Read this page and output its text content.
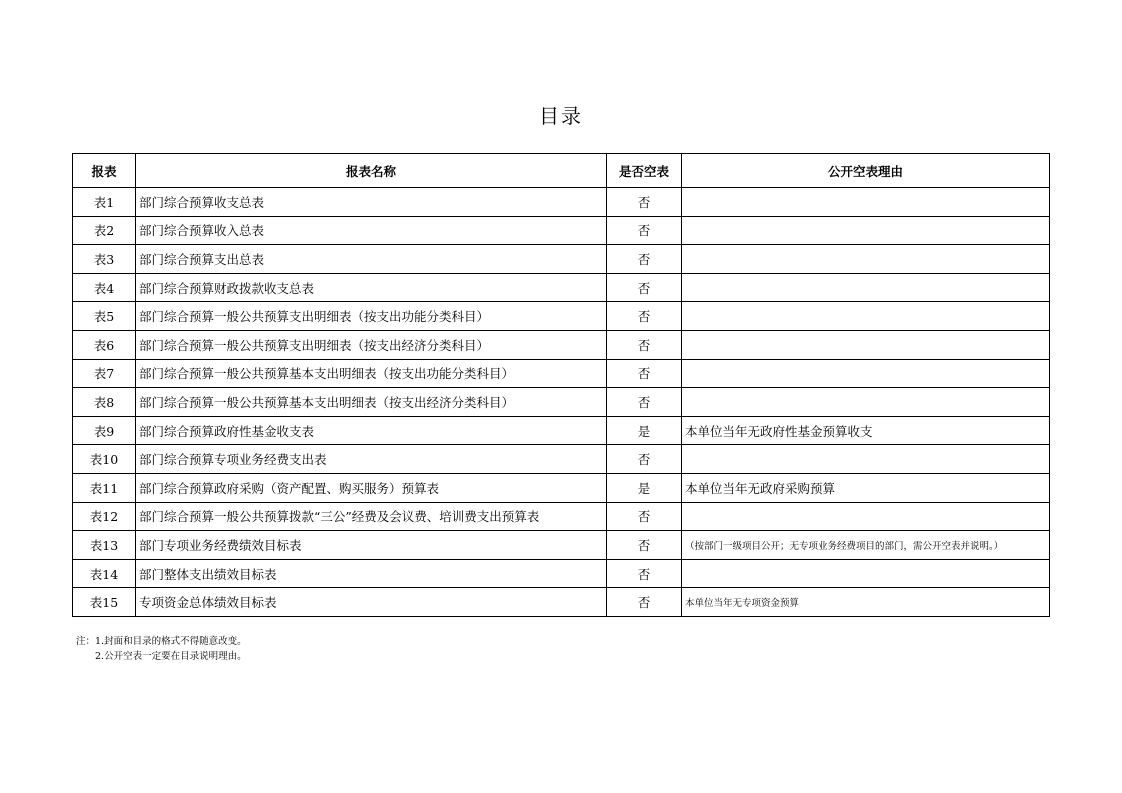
目录
报表	报表名称	是否空表	公开空表理由
表1	部门综合预算收支总表	否	
表2	部门综合预算收入总表	否	
表3	部门综合预算支出总表	否	
表4	部门综合预算财政拨款收支总表	否	
表5	部门综合预算一般公共预算支出明细表（按支出功能分类科目）	否	
表6	部门综合预算一般公共预算支出明细表（按支出经济分类科目）	否	
表7	部门综合预算一般公共预算基本支出明细表（按支出功能分类科目）	否	
表8	部门综合预算一般公共预算基本支出明细表（按支出经济分类科目）	否	
表9	部门综合预算政府性基金收支表	是	本单位当年无政府性基金预算收支
表10	部门综合预算专项业务经费支出表	否	
表11	部门综合预算政府采购（资产配置、购买服务）预算表	是	本单位当年无政府采购预算
表12	部门综合预算一般公共预算拨款“三公”经费及会议费、培训费支出预算表	否	
表13	部门专项业务经费绩效目标表	否	（按部门一级项目公开；无专项业务经费项目的部门，需公开空表并说明。）
表14	部门整体支出绩效目标表	否	
表15	专项资金总体绩效目标表	否	本单位当年无专项资金预算
注：1.封面和目录的格式不得随意改变。
2.公开空表一定要在目录说明理由。
